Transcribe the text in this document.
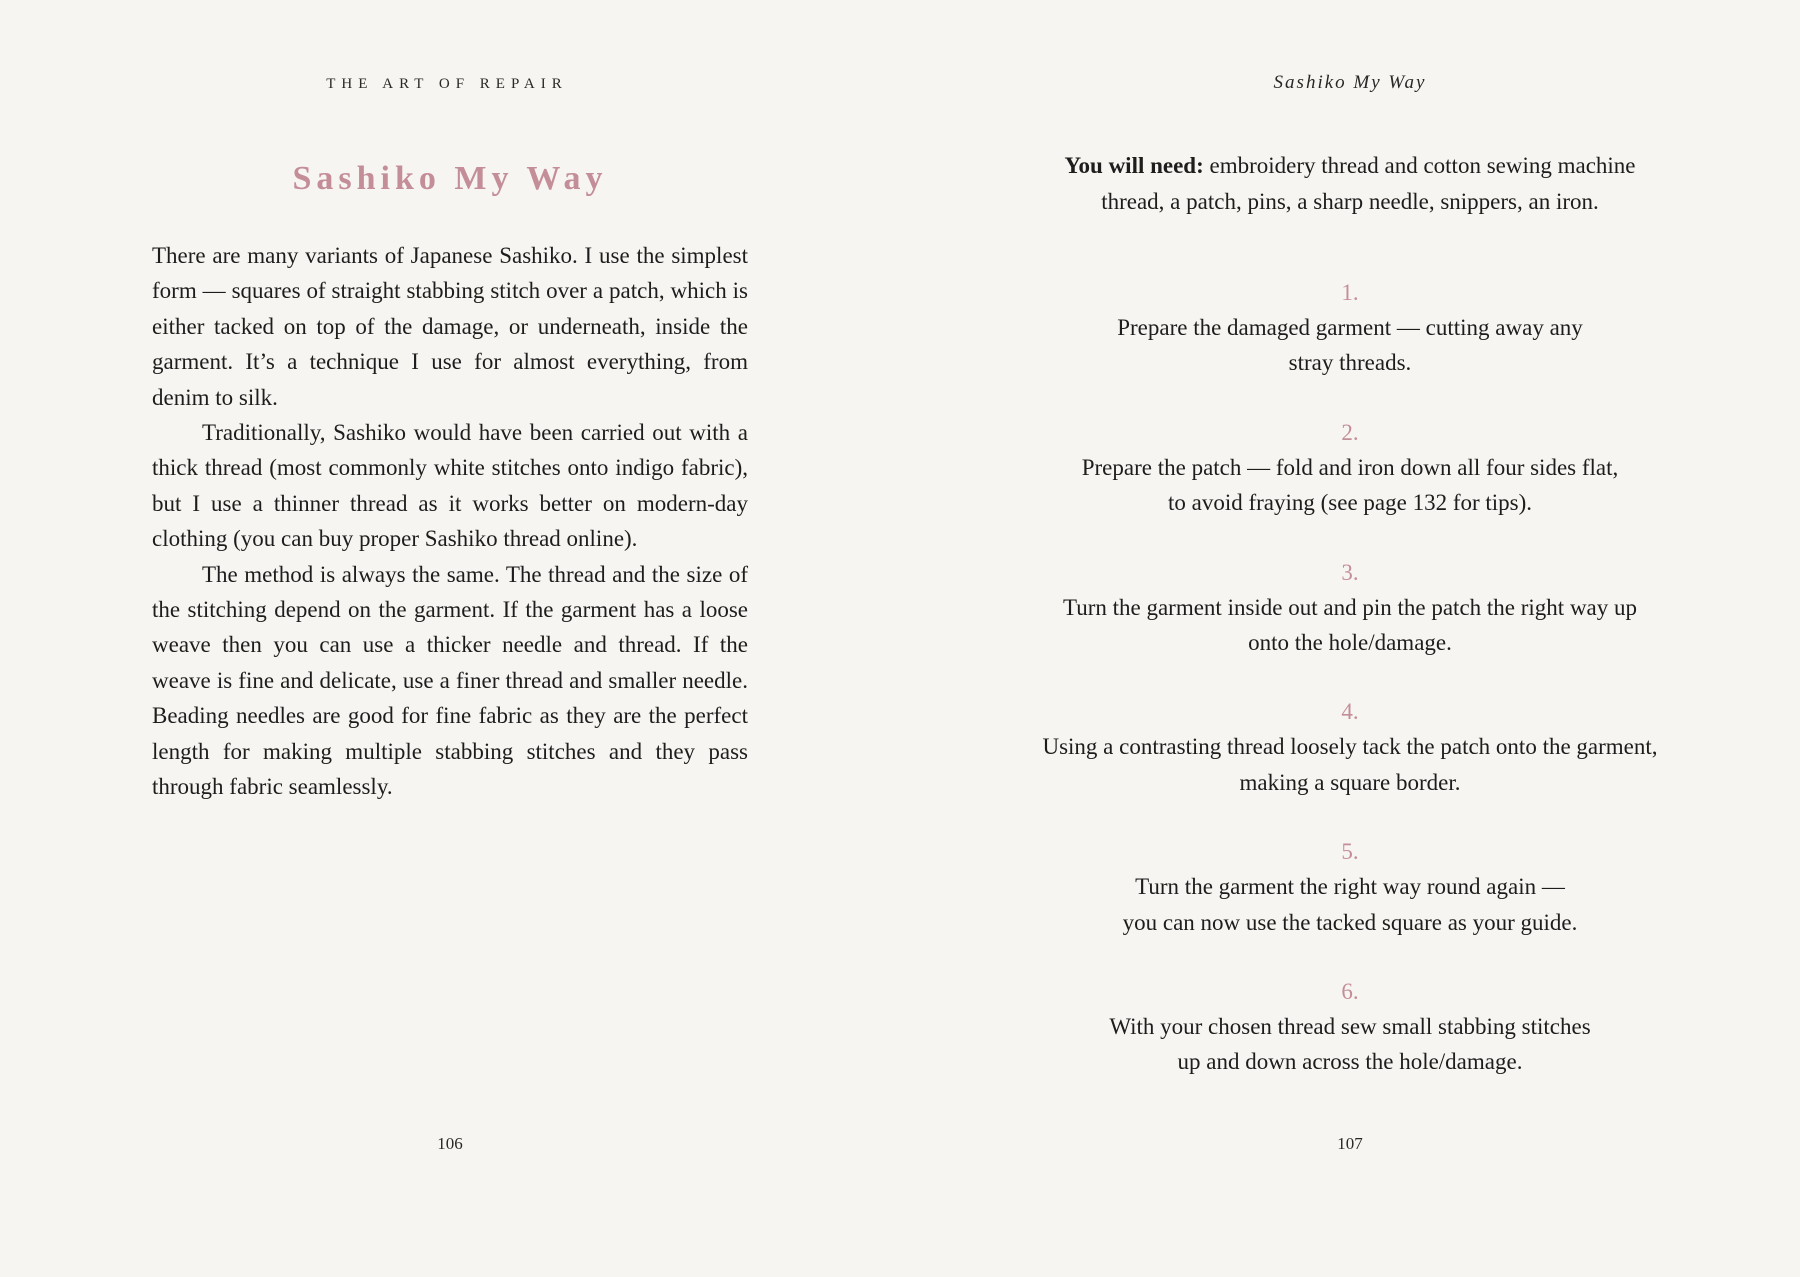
THE ART OF REPAIR
Sashiko My Way

There are many variants of Japanese Sashiko. I use the simplest form — squares of straight stabbing stitch over a patch, which is either tacked on top of the damage, or underneath, inside the garment. It’s a technique I use for almost everything, from denim to silk.

Traditionally, Sashiko would have been carried out with a thick thread (most commonly white stitches onto indigo fabric), but I use a thinner thread as it works better on modern-day clothing (you can buy proper Sashiko thread online).

The method is always the same. The thread and the size of the stitching depend on the garment. If the garment has a loose weave then you can use a thicker needle and thread. If the weave is fine and delicate, use a finer thread and smaller needle. Beading needles are good for fine fabric as they are the perfect length for making multiple stabbing stitches and they pass through fabric seamlessly.

106
Sashiko My Way
You will need: embroidery thread and cotton sewing machine
thread, a patch, pins, a sharp needle, snippers, an iron.
1.
Prepare the damaged garment — cutting away any
stray threads.
2.
Prepare the patch — fold and iron down all four sides flat,
to avoid fraying (see page 132 for tips).
3.
Turn the garment inside out and pin the patch the right way up
onto the hole/damage.
4.
Using a contrasting thread loosely tack the patch onto the garment,
making a square border.
5.
Turn the garment the right way round again —
you can now use the tacked square as your guide.
6.
With your chosen thread sew small stabbing stitches
up and down across the hole/damage.
107
